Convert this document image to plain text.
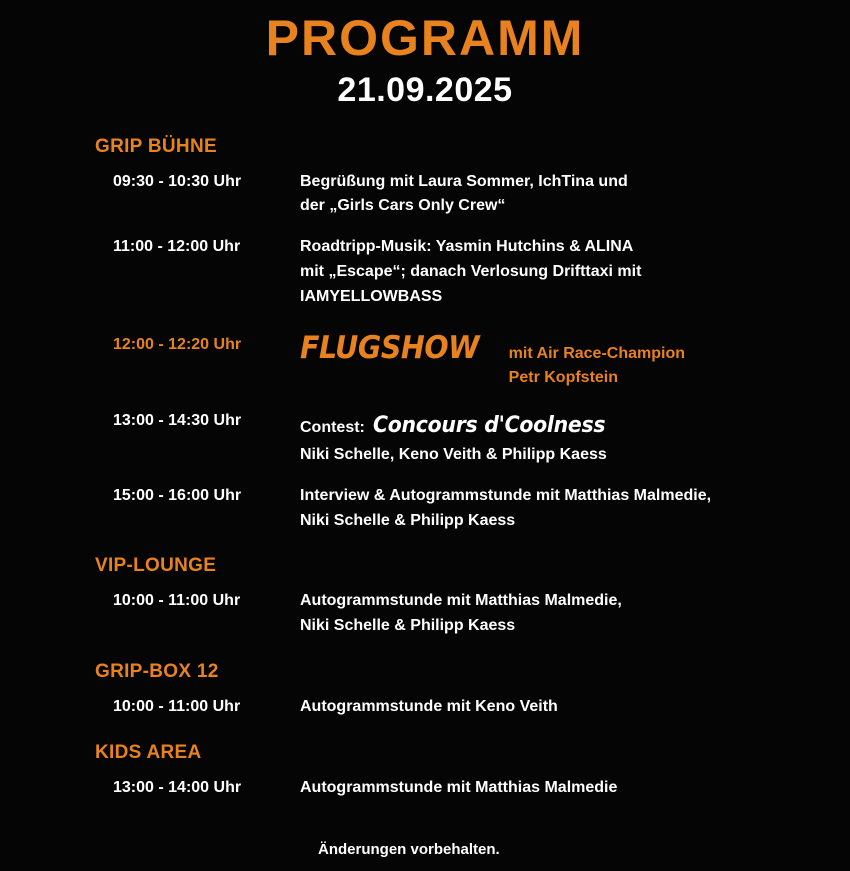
PROGRAMM
21.09.2025
GRIP BÜHNE
09:30 - 10:30 Uhr	Begrüßung mit Laura Sommer, IchTina und
der „Girls Cars Only Crew“
11:00 - 12:00 Uhr	Roadtripp-Musik: Yasmin Hutchins & ALINA
mit „Escape“; danach Verlosung Drifttaxi mit
IAMYELLOWBASS
12:00 - 12:20 Uhr	FLUGSHOW mit Air Race-Champion
Petr Kopfstein
13:00 - 14:30 Uhr	Contest: Concours d'Coolness
Niki Schelle, Keno Veith & Philipp Kaess
15:00 - 16:00 Uhr	Interview & Autogrammstunde mit Matthias Malmedie,
Niki Schelle & Philipp Kaess
VIP-LOUNGE
10:00 - 11:00 Uhr	Autogrammstunde mit Matthias Malmedie,
Niki Schelle & Philipp Kaess
GRIP-BOX 12
10:00 - 11:00 Uhr	Autogrammstunde mit Keno Veith
KIDS AREA
13:00 - 14:00 Uhr	Autogrammstunde mit Matthias Malmedie
Änderungen vorbehalten.
